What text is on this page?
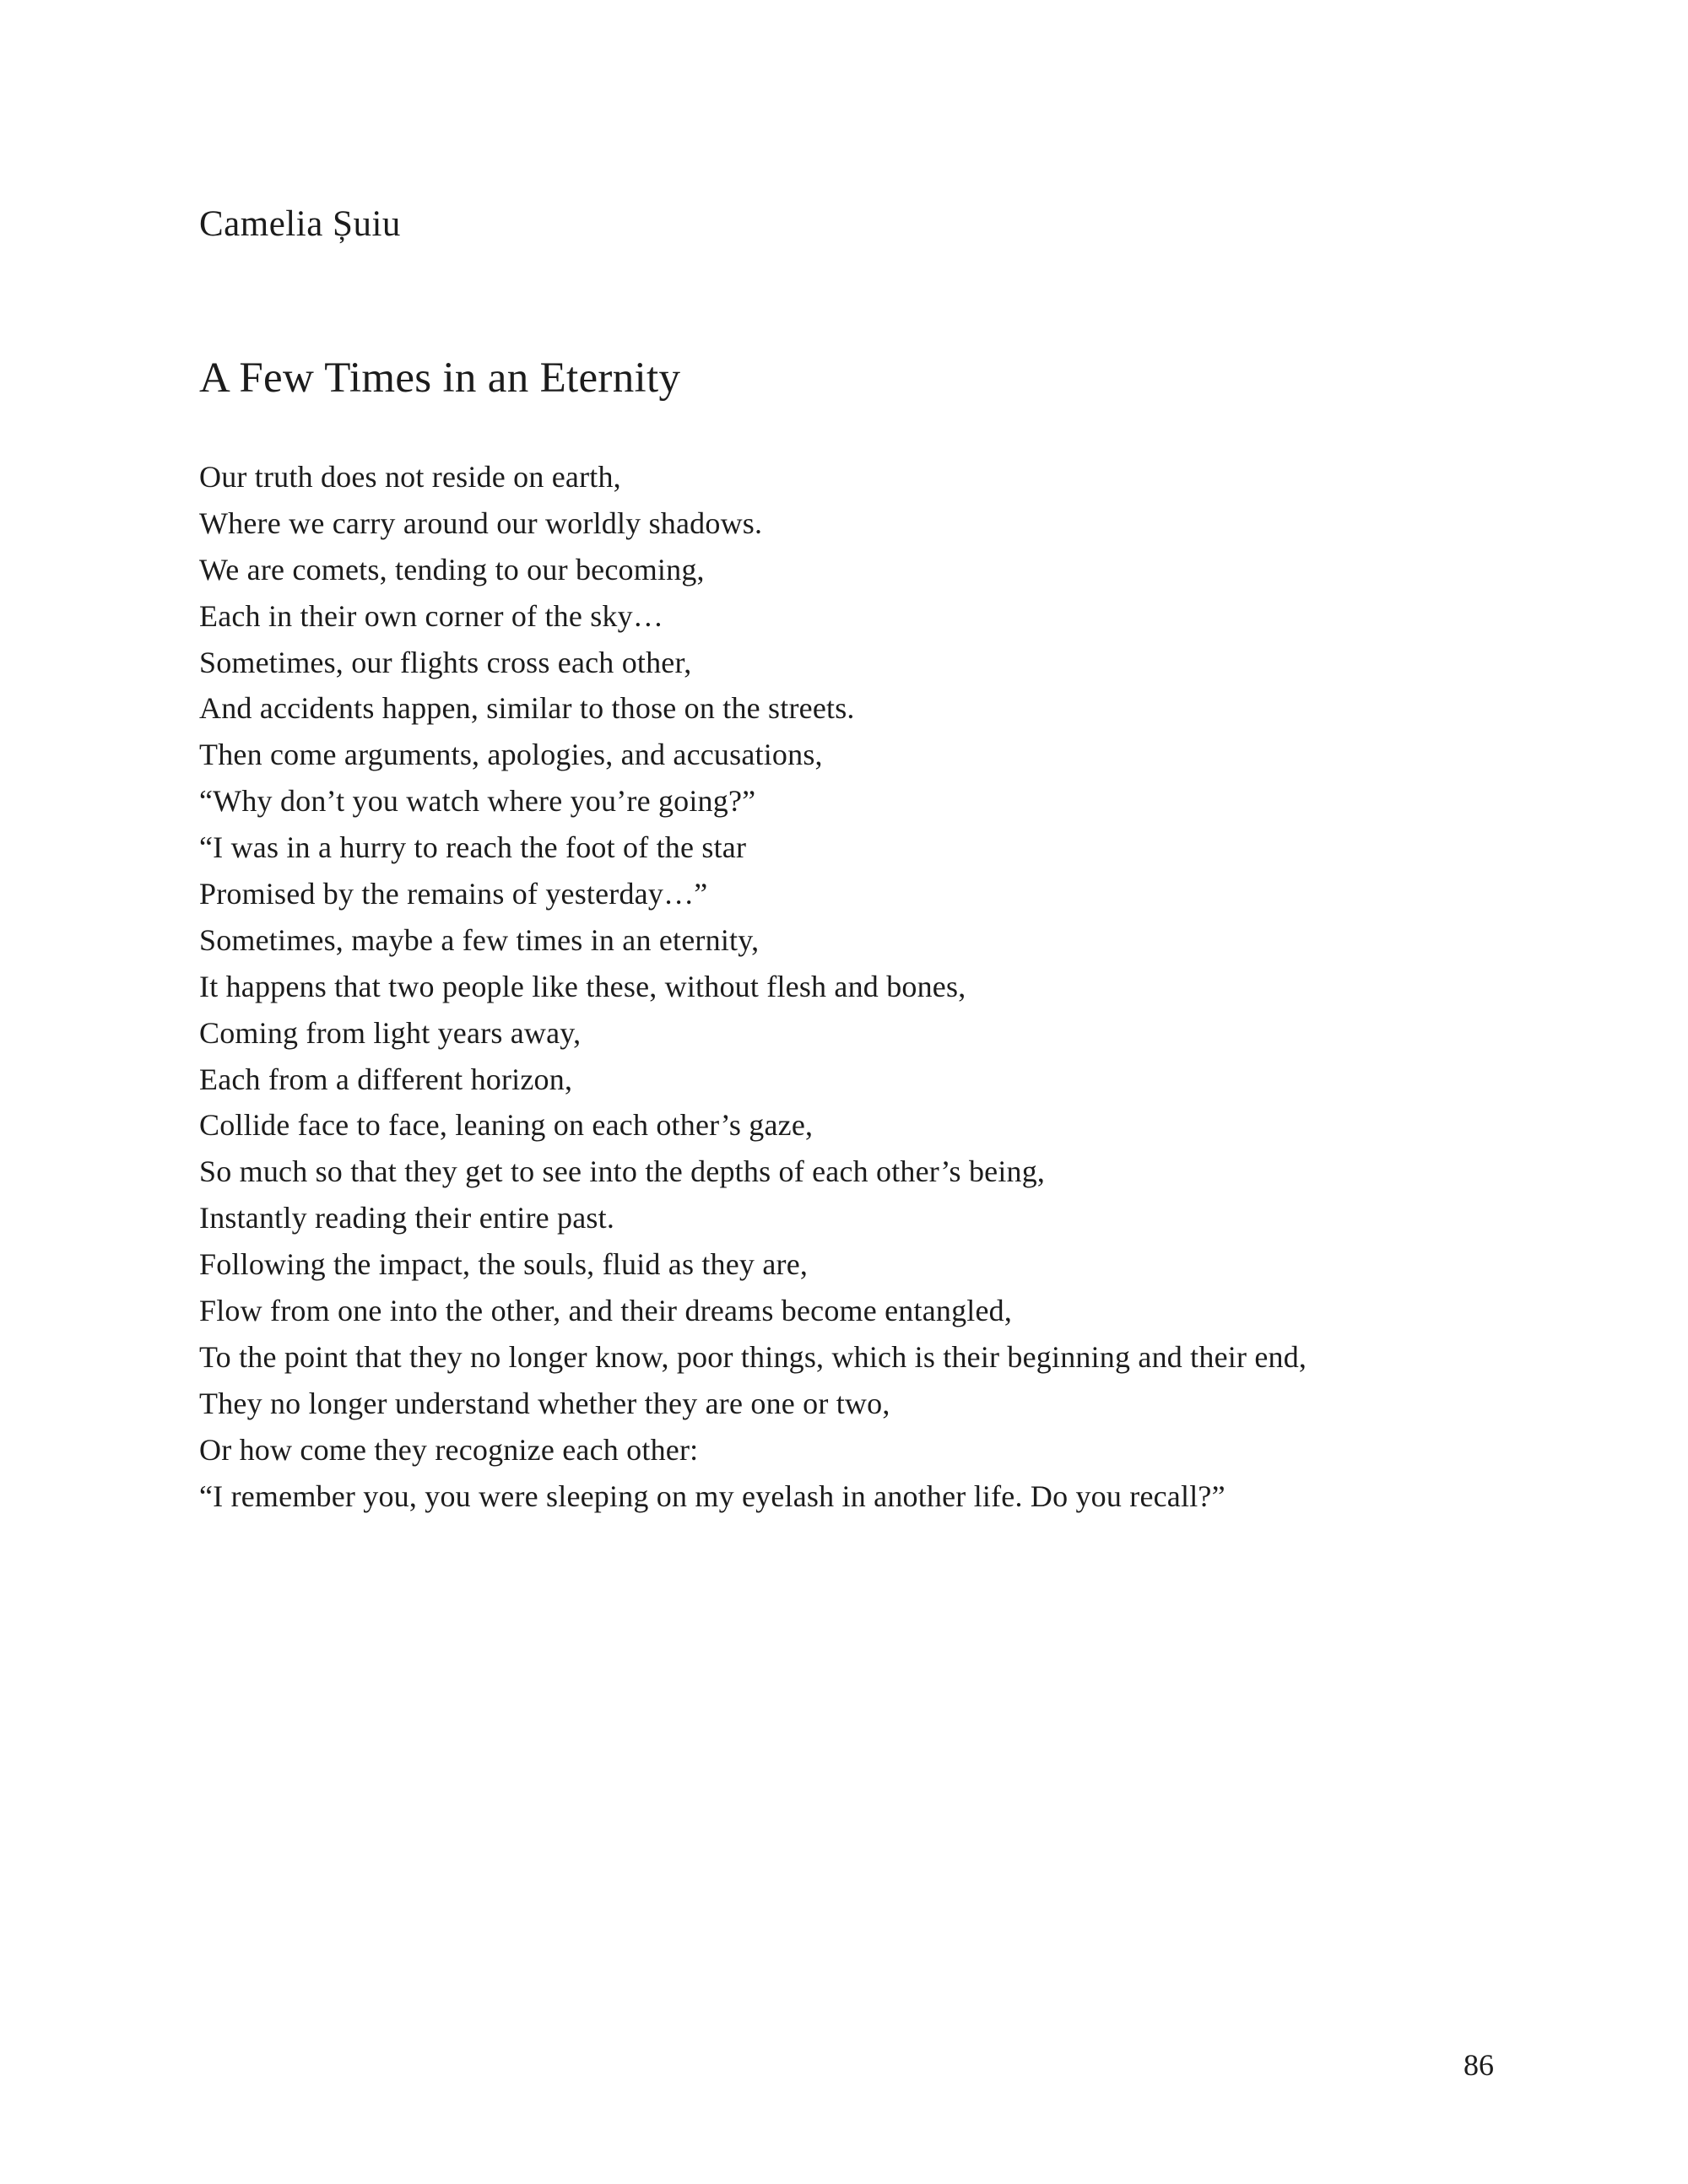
Camelia Șuiu
A Few Times in an Eternity
Our truth does not reside on earth,
Where we carry around our worldly shadows.
We are comets, tending to our becoming,
Each in their own corner of the sky…
Sometimes, our flights cross each other,
And accidents happen, similar to those on the streets.
Then come arguments, apologies, and accusations,
“Why don’t you watch where you’re going?”
“I was in a hurry to reach the foot of the star
Promised by the remains of yesterday…”
Sometimes, maybe a few times in an eternity,
It happens that two people like these, without flesh and bones,
Coming from light years away,
Each from a different horizon,
Collide face to face, leaning on each other’s gaze,
So much so that they get to see into the depths of each other’s being,
Instantly reading their entire past.
Following the impact, the souls, fluid as they are,
Flow from one into the other, and their dreams become entangled,
To the point that they no longer know, poor things, which is their beginning and their end,
They no longer understand whether they are one or two,
Or how come they recognize each other:
“I remember you, you were sleeping on my eyelash in another life. Do you recall?”
86
